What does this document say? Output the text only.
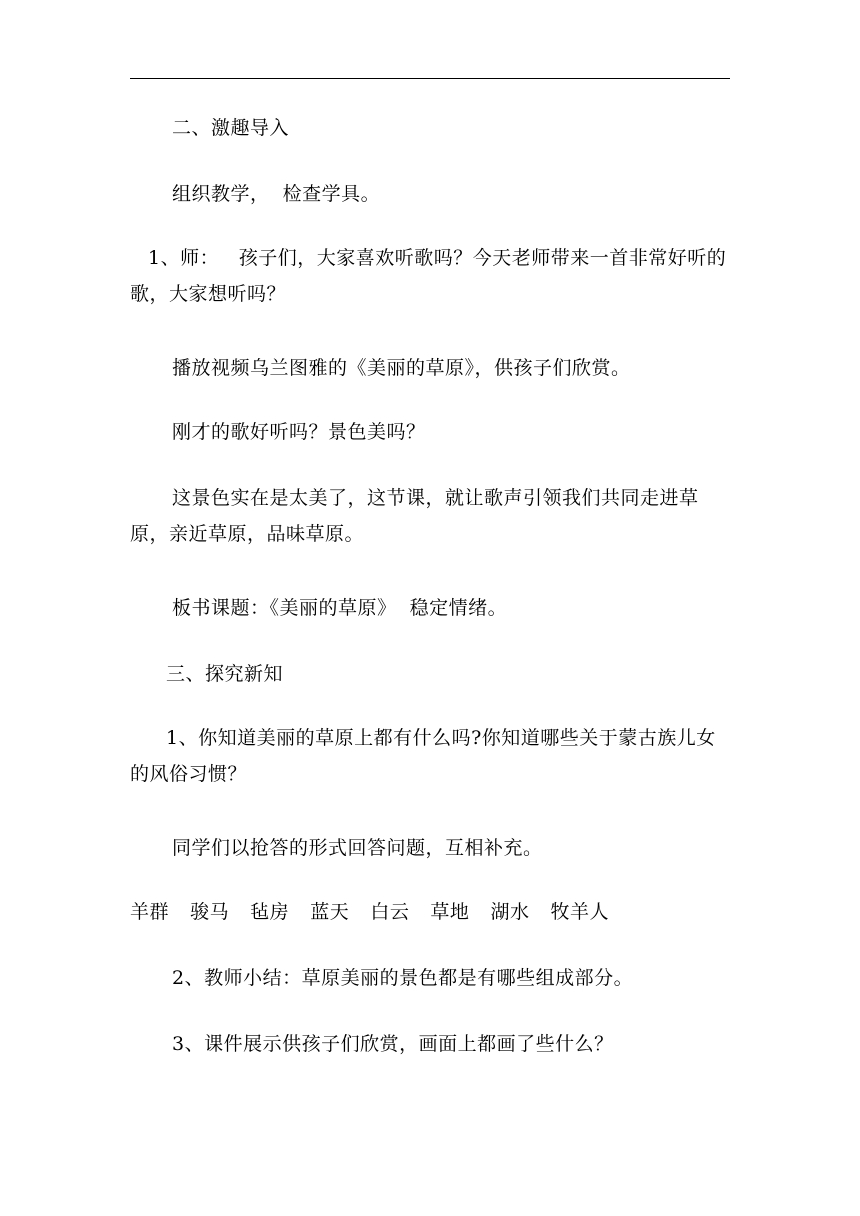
二、激趣导入
组织教学，  检查学具。
1、师：   孩子们，大家喜欢听歌吗？今天老师带来一首非常好听的歌，大家想听吗？
播放视频乌兰图雅的《美丽的草原》，供孩子们欣赏。
刚才的歌好听吗？景色美吗？
这景色实在是太美了，这节课，就让歌声引领我们共同走进草原，亲近草原，品味草原。
板书课题：《美丽的草原》  稳定情绪。
三、探究新知
1、你知道美丽的草原上都有什么吗?你知道哪些关于蒙古族儿女的风俗习惯？
同学们以抢答的形式回答问题，互相补充。
羊群  骏马  毡房  蓝天  白云  草地  湖水  牧羊人
2、教师小结：草原美丽的景色都是有哪些组成部分。
3、课件展示供孩子们欣赏，画面上都画了些什么？
